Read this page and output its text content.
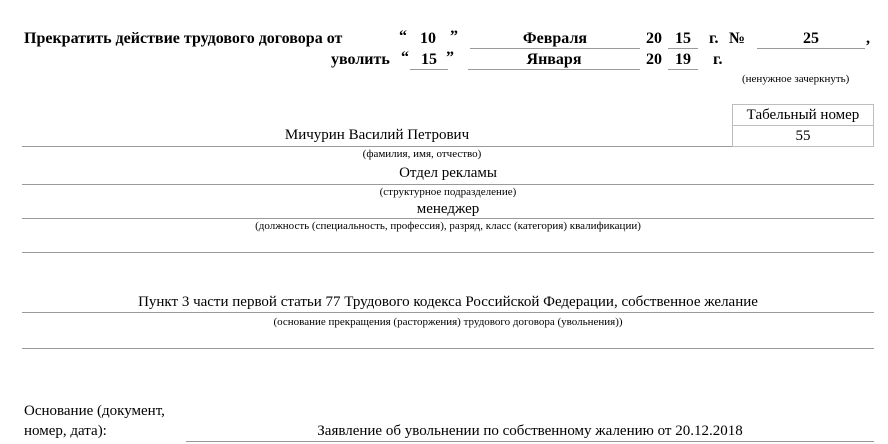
Прекратить действие трудового договора от	“ 10 ”	Февраля	20 15	г. №	25	,
уволить “ 15 ”	Января	20 19	г.
(ненужное зачеркнуть)
Табельный номер
55
Мичурин Василий Петрович
(фамилия, имя, отчество)
Отдел рекламы
(структурное подразделение)
менеджер
(должность (специальность, профессия), разряд, класс (категория) квалификации)
Пункт 3 части первой статьи 77 Трудового кодекса Российской Федерации, собственное желание
(основание прекращения (расторжения) трудового договора (увольнения))
Основание (документ,
номер, дата):	Заявление об увольнении по собственному жалению от 20.12.2018
